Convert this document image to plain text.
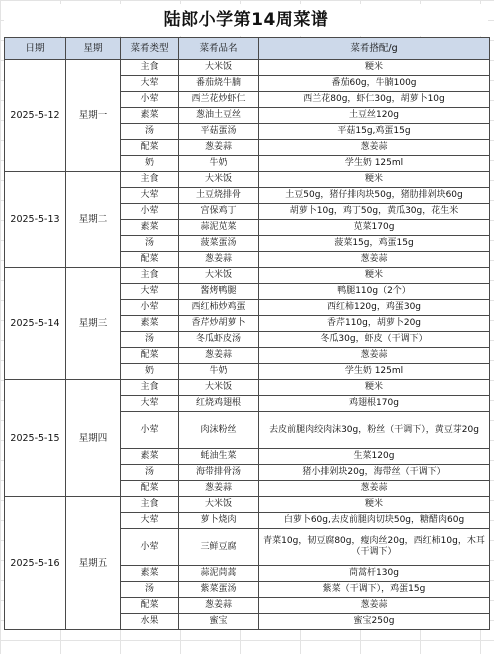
陆郎小学第14周菜谱
日期	星期	菜肴类型	菜肴品名	菜肴搭配/g
2025-5-12	星期一	主食	大米饭	粳米
		大荤	番茄烧牛腩	番茄60g，牛腩100g
		小荤	西兰花炒虾仁	西兰花80g，虾仁30g，胡萝卜10g
		素菜	葱油土豆丝	土豆丝120g
		汤	平菇蛋汤	平菇15g,鸡蛋15g
		配菜	葱姜蒜	葱姜蒜
		奶	牛奶	学生奶 125ml
2025-5-13	星期二	主食	大米饭	粳米
		大荤	土豆烧排骨	土豆50g，猪仔排肉块50g，猪肋排剁块60g
		小荤	宫保鸡丁	胡萝卜10g，鸡丁50g，黄瓜30g，花生米
		素菜	蒜泥苋菜	苋菜170g
		汤	菠菜蛋汤	菠菜15g，鸡蛋15g
		配菜	葱姜蒜	葱姜蒜
2025-5-14	星期三	主食	大米饭	粳米
		大荤	酱烤鸭腿	鸭腿110g（2个）
		小荤	西红柿炒鸡蛋	西红柿120g，鸡蛋30g
		素菜	香芹炒胡萝卜	香芹110g，胡萝卜20g
		汤	冬瓜虾皮汤	冬瓜30g，虾皮（干调下）
		配菜	葱姜蒜	葱姜蒜
		奶	牛奶	学生奶 125ml
2025-5-15	星期四	主食	大米饭	粳米
		大荤	红烧鸡翅根	鸡翅根170g
		小荤	肉沫粉丝	去皮前腿肉绞肉沫30g，粉丝（干调下），黄豆芽20g
		素菜	蚝油生菜	生菜120g
		汤	海带排骨汤	猪小排剁块20g，海带丝（干调下）
		配菜	葱姜蒜	葱姜蒜
2025-5-16	星期五	主食	大米饭	粳米
		大荤	萝卜烧肉	白萝卜60g,去皮前腿肉切块50g，糖醋肉60g
		小荤	三鲜豆腐	青菜10g，韧豆腐80g，瘦肉丝20g，西红柿10g，木耳（干调下）
		素菜	蒜泥茼蒿	茼蒿杆130g
		汤	紫菜蛋汤	紫菜（干调下），鸡蛋15g
		配菜	葱姜蒜	葱姜蒜
		水果	蜜宝	蜜宝250g
